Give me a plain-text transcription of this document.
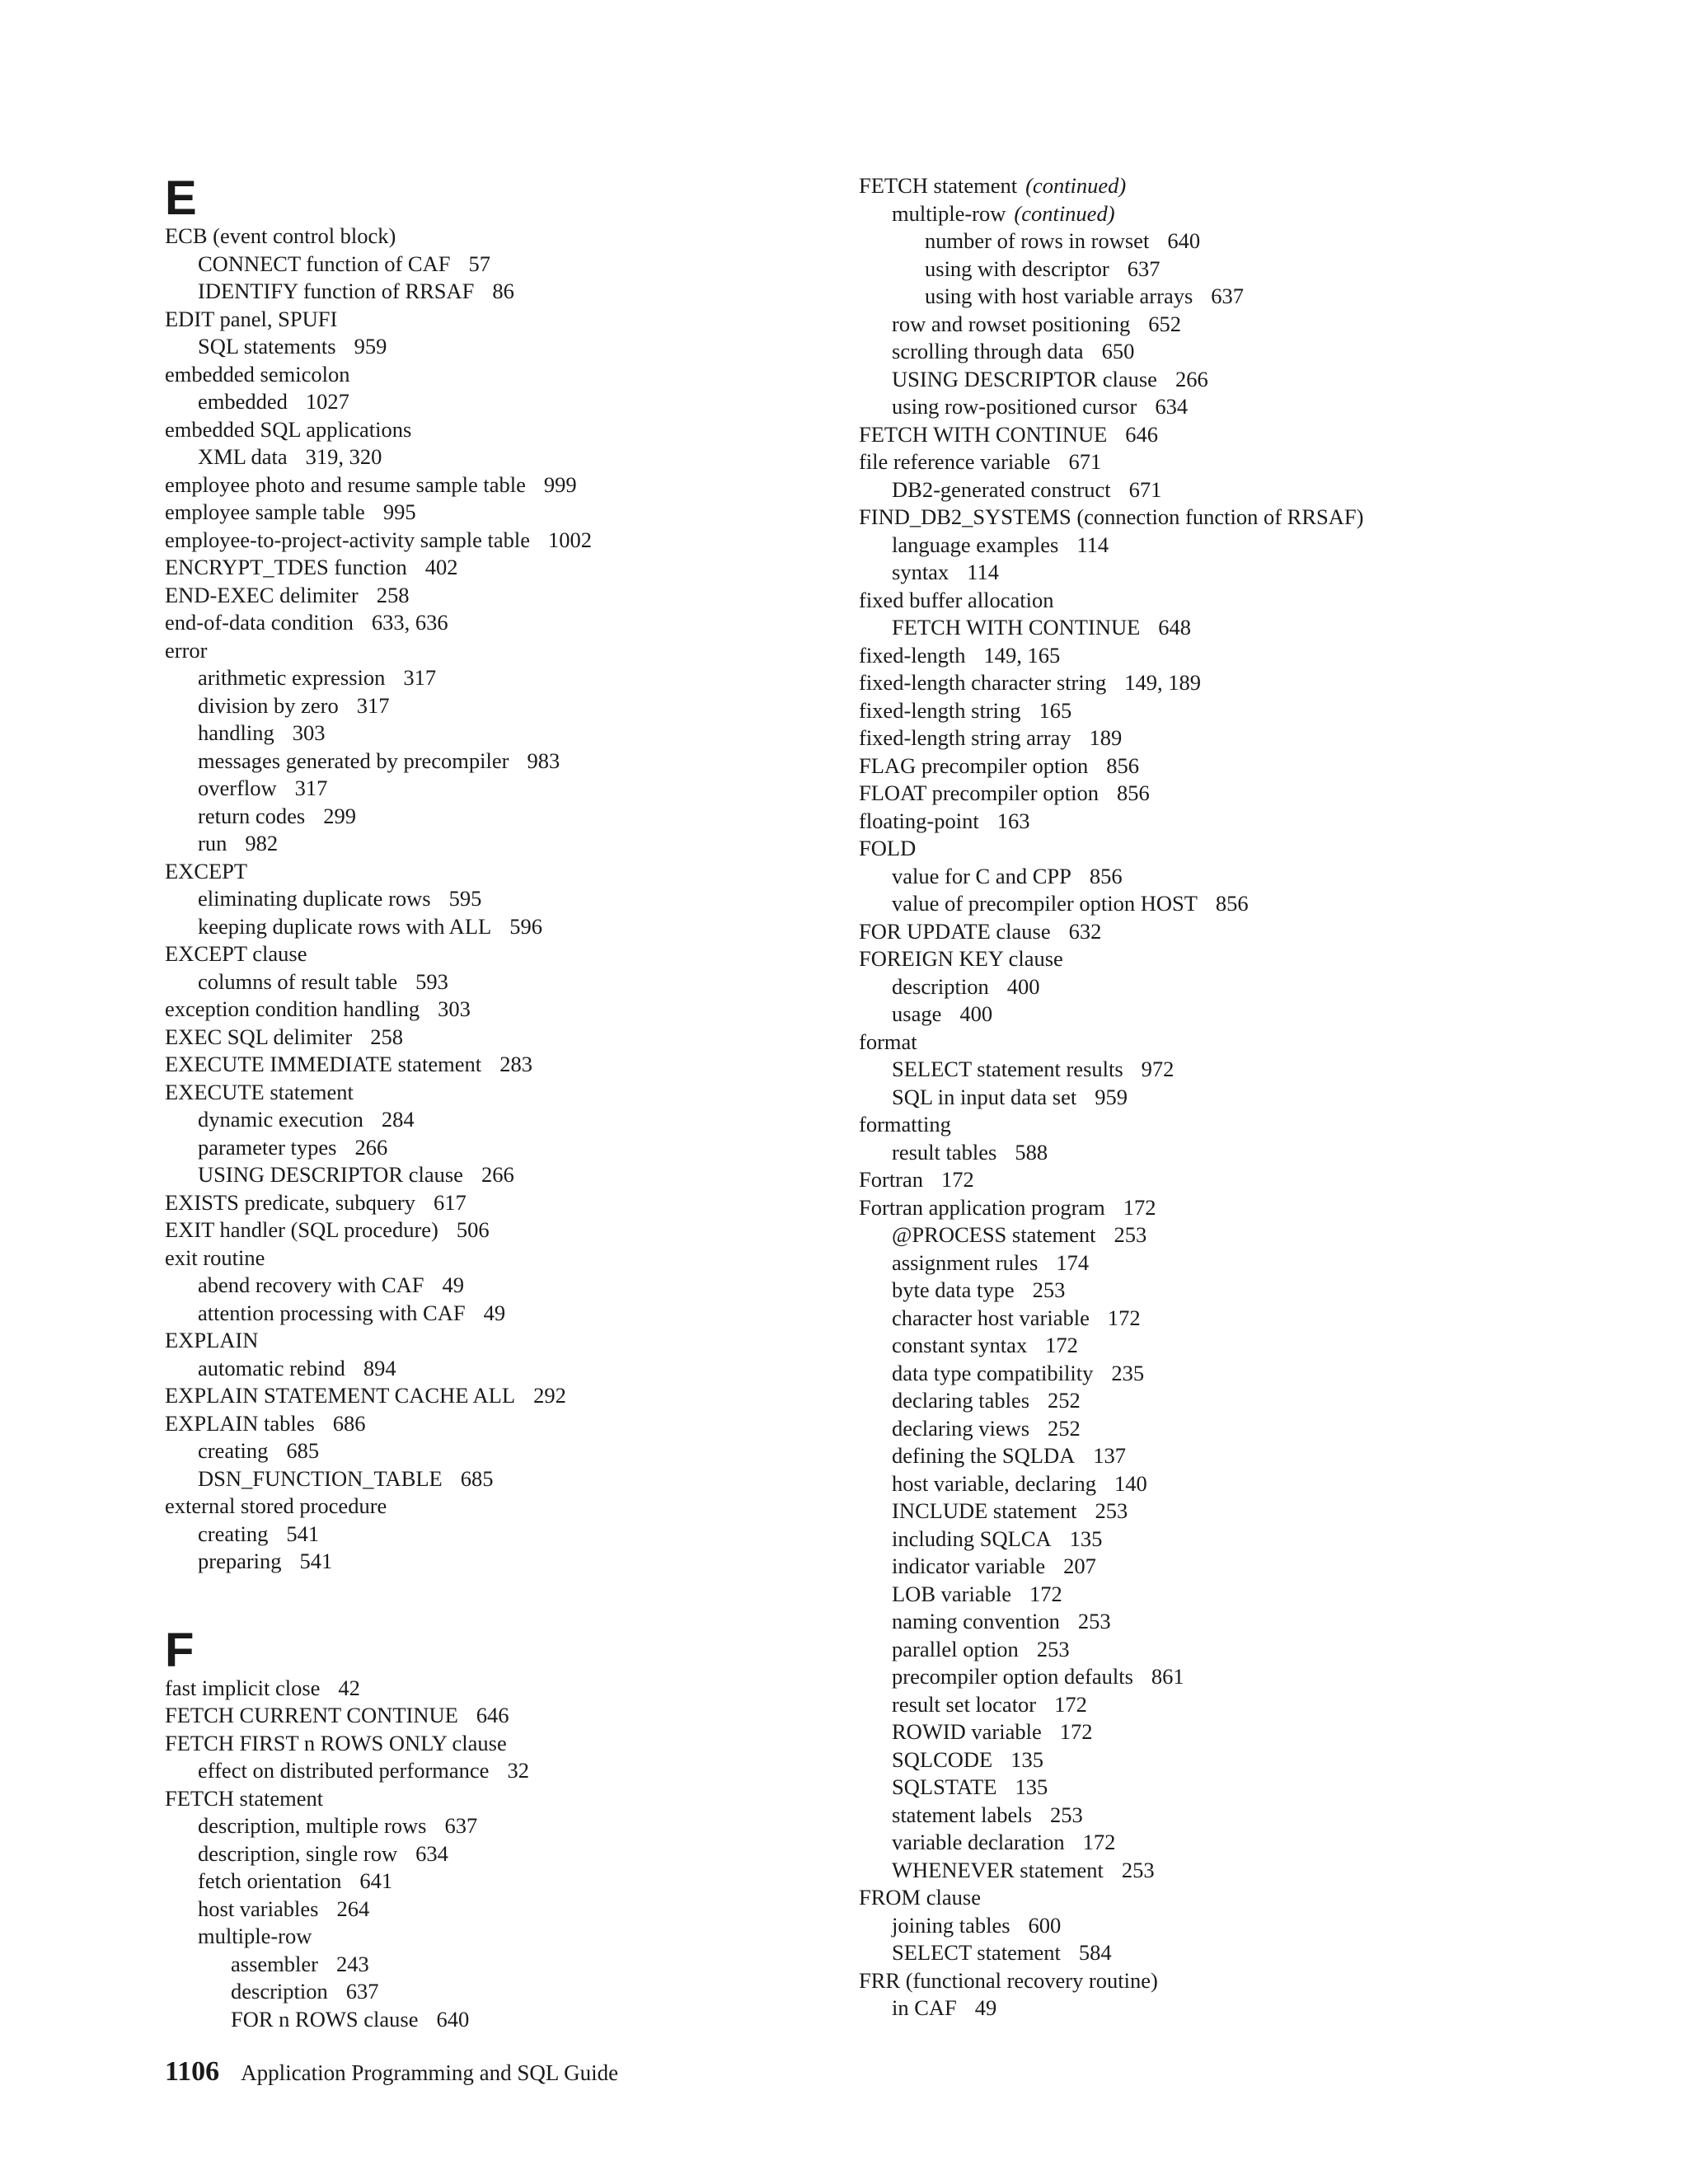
E
ECB (event control block)
CONNECT function of CAF 57
IDENTIFY function of RRSAF 86
EDIT panel, SPUFI
SQL statements 959
embedded semicolon
embedded 1027
embedded SQL applications
XML data 319, 320
employee photo and resume sample table 999
employee sample table 995
employee-to-project-activity sample table 1002
ENCRYPT_TDES function 402
END-EXEC delimiter 258
end-of-data condition 633, 636
error
arithmetic expression 317
division by zero 317
handling 303
messages generated by precompiler 983
overflow 317
return codes 299
run 982
EXCEPT
eliminating duplicate rows 595
keeping duplicate rows with ALL 596
EXCEPT clause
columns of result table 593
exception condition handling 303
EXEC SQL delimiter 258
EXECUTE IMMEDIATE statement 283
EXECUTE statement
dynamic execution 284
parameter types 266
USING DESCRIPTOR clause 266
EXISTS predicate, subquery 617
EXIT handler (SQL procedure) 506
exit routine
abend recovery with CAF 49
attention processing with CAF 49
EXPLAIN
automatic rebind 894
EXPLAIN STATEMENT CACHE ALL 292
EXPLAIN tables 686
creating 685
DSN_FUNCTION_TABLE 685
external stored procedure
creating 541
preparing 541
F
fast implicit close 42
FETCH CURRENT CONTINUE 646
FETCH FIRST n ROWS ONLY clause
effect on distributed performance 32
FETCH statement
description, multiple rows 637
description, single row 634
fetch orientation 641
host variables 264
multiple-row
assembler 243
description 637
FOR n ROWS clause 640
FETCH statement (continued)
multiple-row (continued)
number of rows in rowset 640
using with descriptor 637
using with host variable arrays 637
row and rowset positioning 652
scrolling through data 650
USING DESCRIPTOR clause 266
using row-positioned cursor 634
FETCH WITH CONTINUE 646
file reference variable 671
DB2-generated construct 671
FIND_DB2_SYSTEMS (connection function of RRSAF)
language examples 114
syntax 114
fixed buffer allocation
FETCH WITH CONTINUE 648
fixed-length 149, 165
fixed-length character string 149, 189
fixed-length string 165
fixed-length string array 189
FLAG precompiler option 856
FLOAT precompiler option 856
floating-point 163
FOLD
value for C and CPP 856
value of precompiler option HOST 856
FOR UPDATE clause 632
FOREIGN KEY clause
description 400
usage 400
format
SELECT statement results 972
SQL in input data set 959
formatting
result tables 588
Fortran 172
Fortran application program 172
@PROCESS statement 253
assignment rules 174
byte data type 253
character host variable 172
constant syntax 172
data type compatibility 235
declaring tables 252
declaring views 252
defining the SQLDA 137
host variable, declaring 140
INCLUDE statement 253
including SQLCA 135
indicator variable 207
LOB variable 172
naming convention 253
parallel option 253
precompiler option defaults 861
result set locator 172
ROWID variable 172
SQLCODE 135
SQLSTATE 135
statement labels 253
variable declaration 172
WHENEVER statement 253
FROM clause
joining tables 600
SELECT statement 584
FRR (functional recovery routine)
in CAF 49
1106 Application Programming and SQL Guide
